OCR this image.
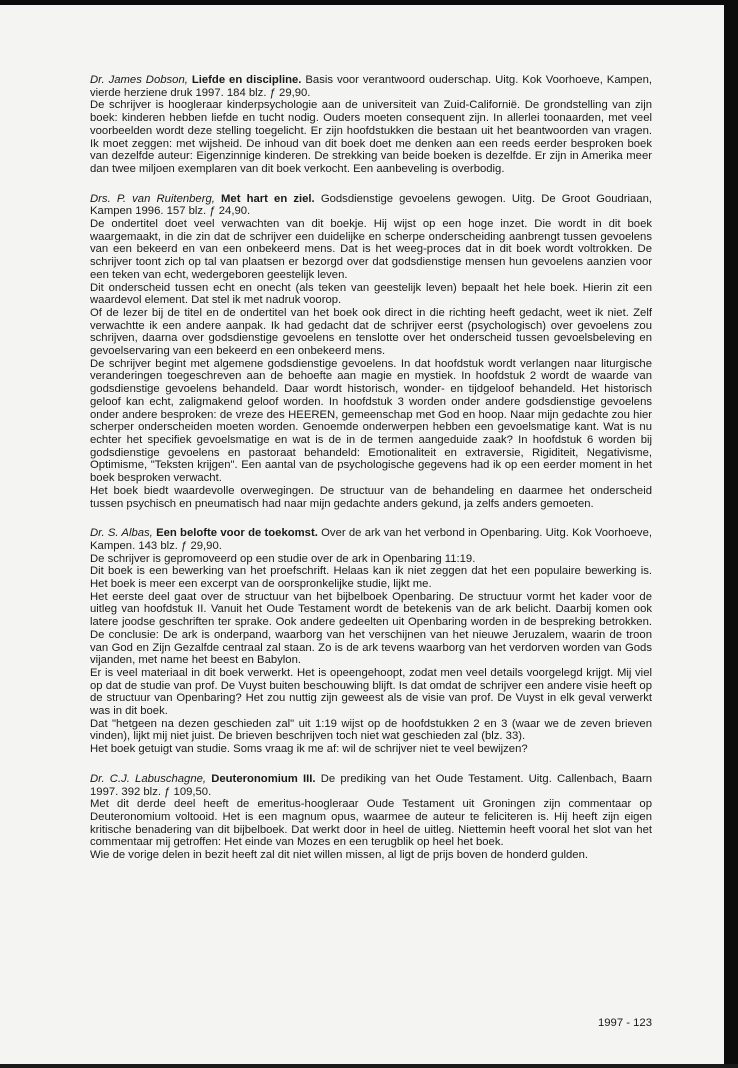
Dr. James Dobson, Liefde en discipline. Basis voor verantwoord ouderschap. Uitg. Kok Voorhoeve, Kampen, vierde herziene druk 1997. 184 blz. ƒ 29,90.

De schrijver is hoogleraar kinderpsychologie aan de universiteit van Zuid-Californië. De grondstelling van zijn boek: kinderen hebben liefde en tucht nodig. Ouders moeten consequent zijn. In allerlei toonaarden, met veel voorbeelden wordt deze stelling toegelicht. Er zijn hoofdstukken die bestaan uit het beantwoorden van vragen. Ik moet zeggen: met wijsheid. De inhoud van dit boek doet me denken aan een reeds eerder besproken boek van dezelfde auteur: Eigenzinnige kinderen. De strekking van beide boeken is dezelfde. Er zijn in Amerika meer dan twee miljoen exemplaren van dit boek verkocht. Een aanbeveling is overbodig.

Drs. P. van Ruitenberg, Met hart en ziel. Godsdienstige gevoelens gewogen. Uitg. De Groot Goudriaan, Kampen 1996. 157 blz. ƒ 24,90.

De ondertitel doet veel verwachten van dit boekje. Hij wijst op een hoge inzet. Die wordt in dit boek waargemaakt, in die zin dat de schrijver een duidelijke en scherpe onderscheiding aanbrengt tussen gevoelens van een bekeerd en van een onbekeerd mens. Dat is het weeg-proces dat in dit boek wordt voltrokken. De schrijver toont zich op tal van plaatsen er bezorgd over dat godsdienstige mensen hun gevoelens aanzien voor een teken van echt, wedergeboren geestelijk leven.

Dit onderscheid tussen echt en onecht (als teken van geestelijk leven) bepaalt het hele boek. Hierin zit een waardevol element. Dat stel ik met nadruk voorop.

Of de lezer bij de titel en de ondertitel van het boek ook direct in die richting heeft gedacht, weet ik niet. Zelf verwachtte ik een andere aanpak. Ik had gedacht dat de schrijver eerst (psychologisch) over gevoelens zou schrijven, daarna over godsdienstige gevoelens en tenslotte over het onderscheid tussen gevoelsbeleving en gevoelservaring van een bekeerd en een onbekeerd mens.

De schrijver begint met algemene godsdienstige gevoelens. In dat hoofdstuk wordt verlangen naar liturgische veranderingen toegeschreven aan de behoefte aan magie en mystiek. In hoofdstuk 2 wordt de waarde van godsdienstige gevoelens behandeld. Daar wordt historisch, wonder- en tijdgeloof behandeld. Het historisch geloof kan echt, zaligmakend geloof worden. In hoofdstuk 3 worden onder andere godsdienstige gevoelens onder andere besproken: de vreze des HEEREN, gemeenschap met God en hoop. Naar mijn gedachte zou hier scherper onderscheiden moeten worden. Genoemde onderwerpen hebben een gevoelsmatige kant. Wat is nu echter het specifiek gevoelsmatige en wat is de in de termen aangeduide zaak? In hoofdstuk 6 worden bij godsdienstige gevoelens en pastoraat behandeld: Emotionaliteit en extraversie, Rigiditeit, Negativisme, Optimisme, "Teksten krijgen". Een aantal van de psychologische gegevens had ik op een eerder moment in het boek besproken verwacht.

Het boek biedt waardevolle overwegingen. De structuur van de behandeling en daarmee het onderscheid tussen psychisch en pneumatisch had naar mijn gedachte anders gekund, ja zelfs anders gemoeten.

Dr. S. Albas, Een belofte voor de toekomst. Over de ark van het verbond in Openbaring. Uitg. Kok Voorhoeve, Kampen. 143 blz. ƒ 29,90.

De schrijver is gepromoveerd op een studie over de ark in Openbaring 11:19.

Dit boek is een bewerking van het proefschrift. Helaas kan ik niet zeggen dat het een populaire bewerking is. Het boek is meer een excerpt van de oorspronkelijke studie, lijkt me.

Het eerste deel gaat over de structuur van het bijbelboek Openbaring. De structuur vormt het kader voor de uitleg van hoofdstuk II. Vanuit het Oude Testament wordt de betekenis van de ark belicht. Daarbij komen ook latere joodse geschriften ter sprake. Ook andere gedeelten uit Openbaring worden in de bespreking betrokken. De conclusie: De ark is onderpand, waarborg van het verschijnen van het nieuwe Jeruzalem, waarin de troon van God en Zijn Gezalfde centraal zal staan. Zo is de ark tevens waarborg van het verdorven worden van Gods vijanden, met name het beest en Babylon.

Er is veel materiaal in dit boek verwerkt. Het is opeengehoopt, zodat men veel details voorgelegd krijgt. Mij viel op dat de studie van prof. De Vuyst buiten beschouwing blijft. Is dat omdat de schrijver een andere visie heeft op de structuur van Openbaring? Het zou nuttig zijn geweest als de visie van prof. De Vuyst in elk geval verwerkt was in dit boek.

Dat "hetgeen na dezen geschieden zal" uit 1:19 wijst op de hoofdstukken 2 en 3 (waar we de zeven brieven vinden), lijkt mij niet juist. De brieven beschrijven toch niet wat geschieden zal (blz. 33).

Het boek getuigt van studie. Soms vraag ik me af: wil de schrijver niet te veel bewijzen?

Dr. C.J. Labuschagne, Deuteronomium III. De prediking van het Oude Testament. Uitg. Callenbach, Baarn 1997. 392 blz. ƒ 109,50.

Met dit derde deel heeft de emeritus-hoogleraar Oude Testament uit Groningen zijn commentaar op Deuteronomium voltooid. Het is een magnum opus, waarmee de auteur te feliciteren is. Hij heeft zijn eigen kritische benadering van dit bijbelboek. Dat werkt door in heel de uitleg. Niettemin heeft vooral het slot van het commentaar mij getroffen: Het einde van Mozes en een terugblik op heel het boek.

Wie de vorige delen in bezit heeft zal dit niet willen missen, al ligt de prijs boven de honderd gulden.

1997 - 123
